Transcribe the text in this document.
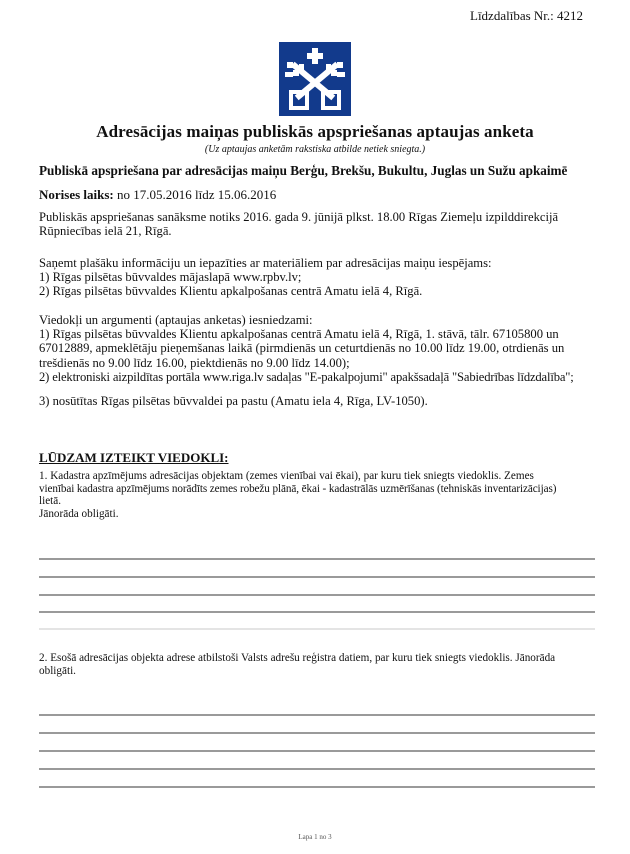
Līdzdalības Nr.: 4212
Adresācijas maiņas publiskās apspriešanas aptaujas anketa
(Uz aptaujas anketām rakstiska atbilde netiek sniegta.)
Publiskā apspriešana par adresācijas maiņu Berģu, Brekšu, Bukultu, Juglas un Sužu apkaimē
Norises laiks: no 17.05.2016 līdz 15.06.2016
Publiskās apspriešanas sanāksme notiks 2016. gada 9. jūnijā plkst. 18.00 Rīgas Ziemeļu izpilddirekcijā
Rūpniecības ielā 21, Rīgā.
Saņemt plašāku informāciju un iepazīties ar materiāliem par adresācijas maiņu iespējams:
1) Rīgas pilsētas būvvaldes mājaslapā www.rpbv.lv;
2) Rīgas pilsētas būvvaldes Klientu apkalpošanas centrā Amatu ielā 4, Rīgā.
Viedokļi un argumenti (aptaujas anketas) iesniedzami:
1) Rīgas pilsētas būvvaldes Klientu apkalpošanas centrā Amatu ielā 4, Rīgā, 1. stāvā, tālr. 67105800 un
67012889, apmeklētāju pieņemšanas laikā (pirmdienās un ceturtdienās no 10.00 līdz 19.00, otrdienās un
trešdienās no 9.00 līdz 16.00, piektdienās no 9.00 līdz 14.00);
2) elektroniski aizpildītas portāla www.riga.lv sadaļas "E-pakalpojumi" apakšsadaļā "Sabiedrības līdzdalība";
3) nosūtītas Rīgas pilsētas būvvaldei pa pastu (Amatu iela 4, Rīga, LV-1050).
LŪDZAM IZTEIKT VIEDOKLI:
1. Kadastra apzīmējums adresācijas objektam (zemes vienībai vai ēkai), par kuru tiek sniegts viedoklis. Zemes
vienībai kadastra apzīmējums norādīts zemes robežu plānā, ēkai - kadastrālās uzmērīšanas (tehniskās inventarizācijas)
lietā.
Jānorāda obligāti.
2. Esošā adresācijas objekta adrese atbilstoši Valsts adrešu reģistra datiem, par kuru tiek sniegts viedoklis. Jānorāda
obligāti.
Lapa 1 no 3
